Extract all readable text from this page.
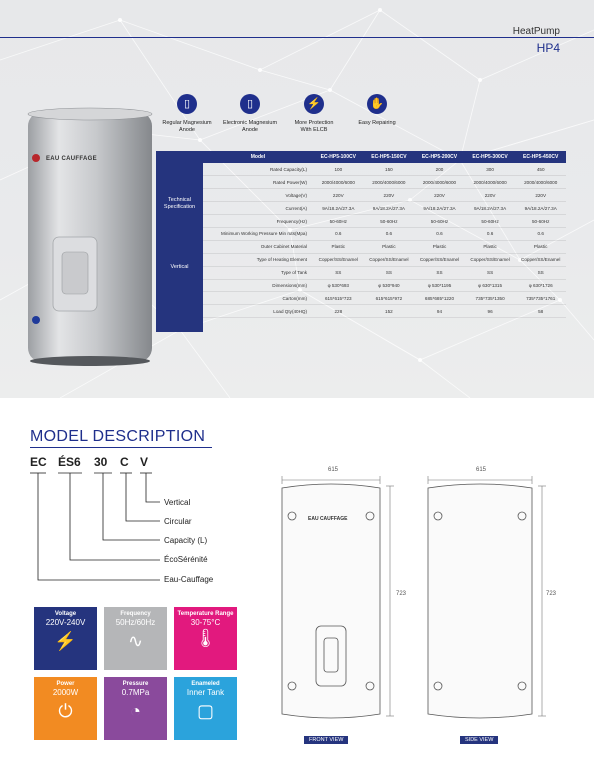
HeatPump
HP4
EAU CAUFFAGE
▯
Regular Magnesium
Anode
▯
Electronic Magnesium
Anode
⚡
More Protection
With ELCB
✋
Easy Repairing
Technical
Specification
Vertical
Model	EC-HP5-100CV	EC-HP5-150CV	EC-HP5-200CV	EC-HP5-300CV	EC-HP5-450CV
Rated Capacity(L)	100	150	200	300	450
Rated Power(W)	2000/4000/6000	2000/4000/6000	2000/4000/6000	2000/4000/6000	2000/4000/6000
Voltage(V)	220V	220V	220V	220V	220V
Current(A)	9A/18.2A/27.3A	9A/18.2A/27.3A	9A/18.2A/27.3A	9A/18.2A/27.3A	9A/18.2A/27.3A
Frequency(Hz)	50-60Hz	50-60Hz	50-60Hz	50-60Hz	50-60Hz
Minimum Working Pressure Min ruts(Mpa)	0.6	0.6	0.6	0.6	0.6
Outer Cabinet Material	Plastic	Plastic	Plastic	Plastic	Plastic
Type of Heating Element	Copper/SS/Enamel	Copper/SS/Enamel	Copper/SS/Enamel	Copper/SS/Enamel	Copper/SS/Enamel
Type of Tank	SS	SS	SS	SS	SS
Dimensions(mm)	φ 530*693	φ 530*940	φ 530*1195	φ 630*1315	φ 630*1726
Carton(mm)	615*615*723	615*615*972	685*685*1220	735*735*1350	735*735*1761
Load Qty(40HQ)	228	152	94	96	58
MODEL DESCRIPTION
EC ÉS6 30 C V
Vertical
Circular
Capacity (L)
ÉcoSérénité
Eau-Cauffage
Voltage
220V-240V
⚡
Frequency
50Hz/60Hz
∿
Temperature Range
30-75°C
🌡
Power
2000W
⏻
Pressure
0.7MPa
◔
Enameled
Inner Tank
▢
EAU CAUFFAGE
615	615
723	723
FRONT VIEW	SIDE VIEW
